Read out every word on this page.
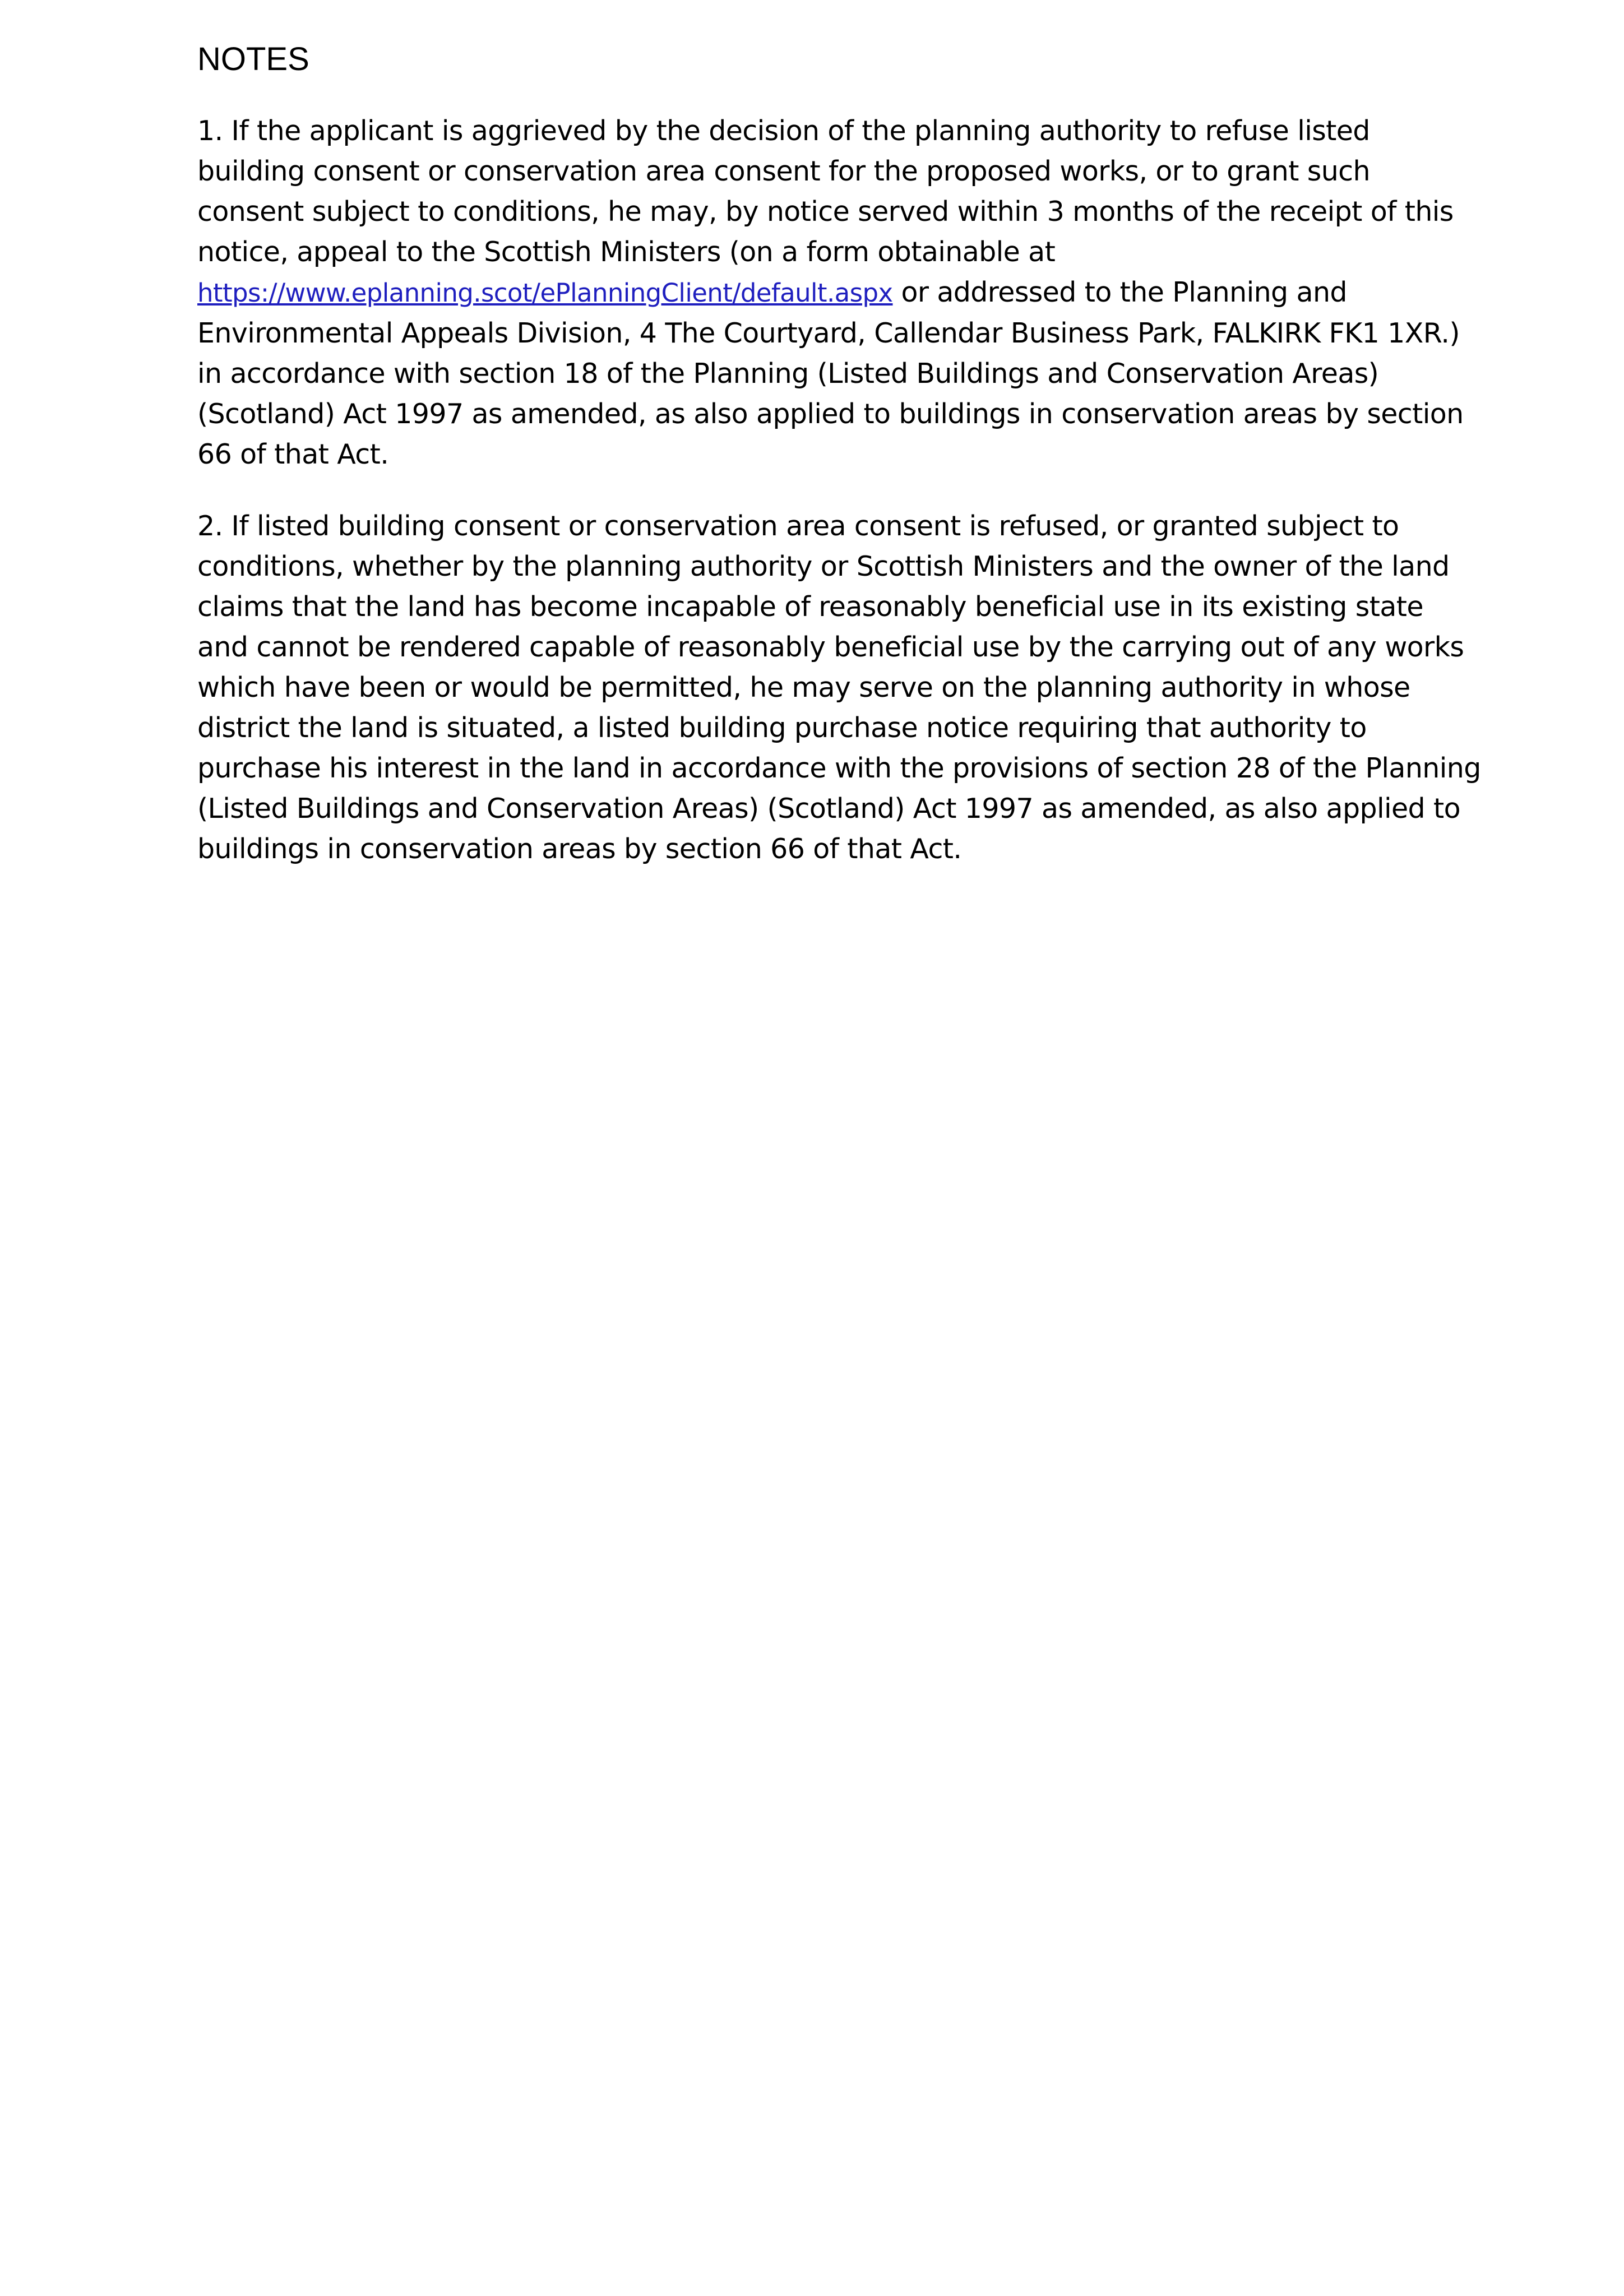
NOTES

1. If the applicant is aggrieved by the decision of the planning authority to refuse listed building consent or conservation area consent for the proposed works, or to grant such consent subject to conditions, he may, by notice served within 3 months of the receipt of this notice, appeal to the Scottish Ministers (on a form obtainable at https://www.eplanning.scot/ePlanningClient/default.aspx or addressed to the Planning and Environmental Appeals Division, 4 The Courtyard, Callendar Business Park, FALKIRK FK1 1XR.) in accordance with section 18 of the Planning (Listed Buildings and Conservation Areas) (Scotland) Act 1997 as amended, as also applied to buildings in conservation areas by section 66 of that Act.

2. If listed building consent or conservation area consent is refused, or granted subject to conditions, whether by the planning authority or Scottish Ministers and the owner of the land claims that the land has become incapable of reasonably beneficial use in its existing state and cannot be rendered capable of reasonably beneficial use by the carrying out of any works which have been or would be permitted, he may serve on the planning authority in whose district the land is situated, a listed building purchase notice requiring that authority to purchase his interest in the land in accordance with the provisions of section 28 of the Planning (Listed Buildings and Conservation Areas) (Scotland) Act 1997 as amended, as also applied to buildings in conservation areas by section 66 of that Act.
